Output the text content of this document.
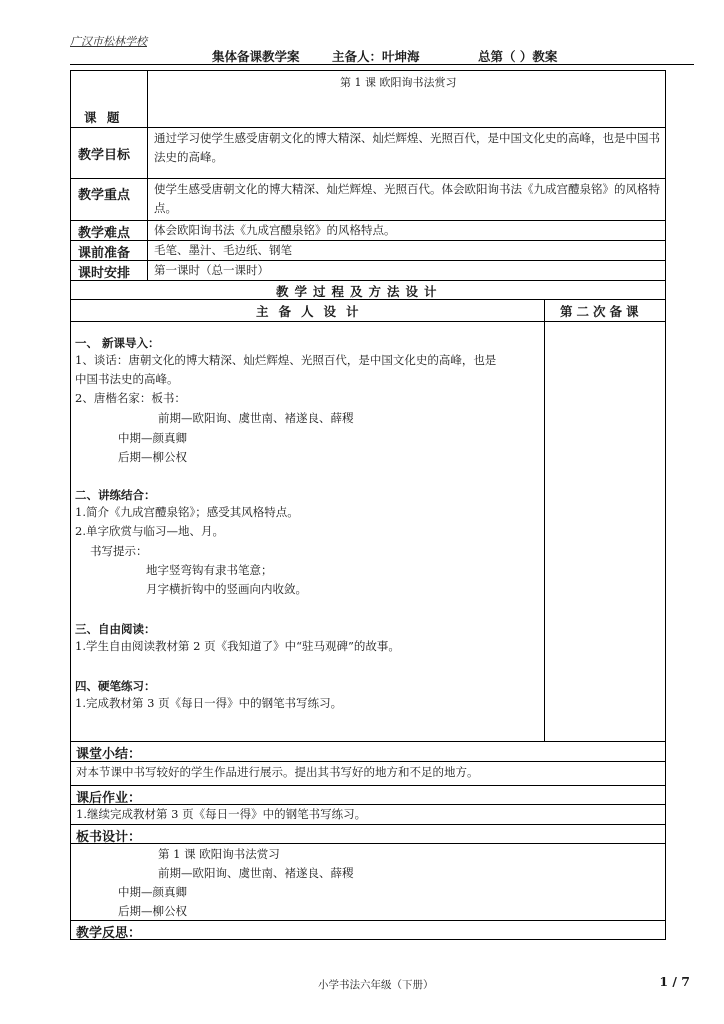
广汉市松林学校
集体备课教学案	主备人：叶坤海	总第（ ）教案
课 题
第 1 课 欧阳询书法赏习
教学目标
通过学习使学生感受唐朝文化的博大精深、灿烂辉煌、光照百代，是中国文化史的高峰，也是中国书法史的高峰。
教学重点 使学生感受唐朝文化的博大精深、灿烂辉煌、光照百代。体会欧阳询书法《九成宫醴泉铭》的风格特点。
教学难点 体会欧阳询书法《九成宫醴泉铭》的风格特点。
课前准备 毛笔、墨汁、毛边纸、钢笔
课时安排 第一课时（总一课时）
教学过程及方法设计
主备人设计	第二次备课
一、 新课导入：
1、谈话：唐朝文化的博大精深、灿烂辉煌、光照百代，是中国文化史的高峰，也是
中国书法史的高峰。
2、唐楷名家：板书：
前期—欧阳询、虞世南、褚遂良、薛稷
中期—颜真卿
后期—柳公权
二、讲练结合：
1.简介《九成宫醴泉铭》；感受其风格特点。
2.单字欣赏与临习—地、月。
书写提示：
地字竖弯钩有隶书笔意；
月字横折钩中的竖画向内收敛。
三、自由阅读：
1.学生自由阅读教材第 2 页《我知道了》中“驻马观碑”的故事。
四、硬笔练习：
1.完成教材第 3 页《每日一得》中的钢笔书写练习。
课堂小结：
对本节课中书写较好的学生作品进行展示。提出其书写好的地方和不足的地方。
课后作业：
1.继续完成教材第 3 页《每日一得》中的钢笔书写练习。
板书设计：
第 1 课 欧阳询书法赏习
前期—欧阳询、虞世南、褚遂良、薛稷
中期—颜真卿
后期—柳公权
教学反思：
小学书法六年级（下册）	1 / 7
